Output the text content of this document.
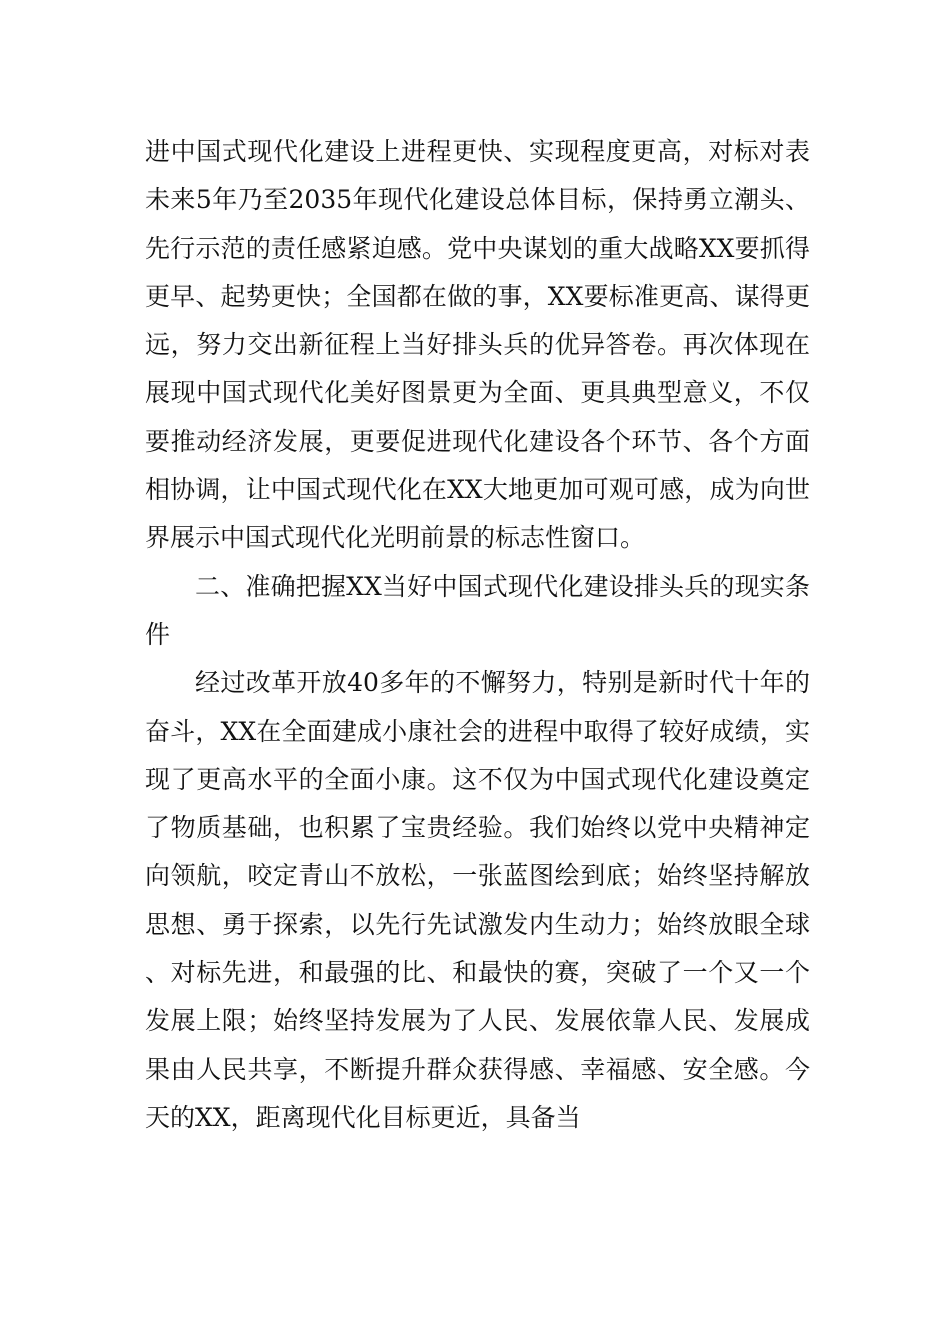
进中国式现代化建设上进程更快、实现程度更高，对标对表未来5年乃至2035年现代化建设总体目标，保持勇立潮头、先行示范的责任感紧迫感。党中央谋划的重大战略XX要抓得更早、起势更快；全国都在做的事，XX要标准更高、谋得更远，努力交出新征程上当好排头兵的优异答卷。再次体现在展现中国式现代化美好图景更为全面、更具典型意义，不仅要推动经济发展，更要促进现代化建设各个环节、各个方面相协调，让中国式现代化在XX大地更加可观可感，成为向世界展示中国式现代化光明前景的标志性窗口。

二、准确把握XX当好中国式现代化建设排头兵的现实条件

经过改革开放40多年的不懈努力，特别是新时代十年的奋斗，XX在全面建成小康社会的进程中取得了较好成绩，实现了更高水平的全面小康。这不仅为中国式现代化建设奠定了物质基础，也积累了宝贵经验。我们始终以党中央精神定向领航，咬定青山不放松，一张蓝图绘到底；始终坚持解放思想、勇于探索，以先行先试激发内生动力；始终放眼全球、对标先进，和最强的比、和最快的赛，突破了一个又一个发展上限；始终坚持发展为了人民、发展依靠人民、发展成果由人民共享，不断提升群众获得感、幸福感、安全感。今天的XX，距离现代化目标更近，具备当
